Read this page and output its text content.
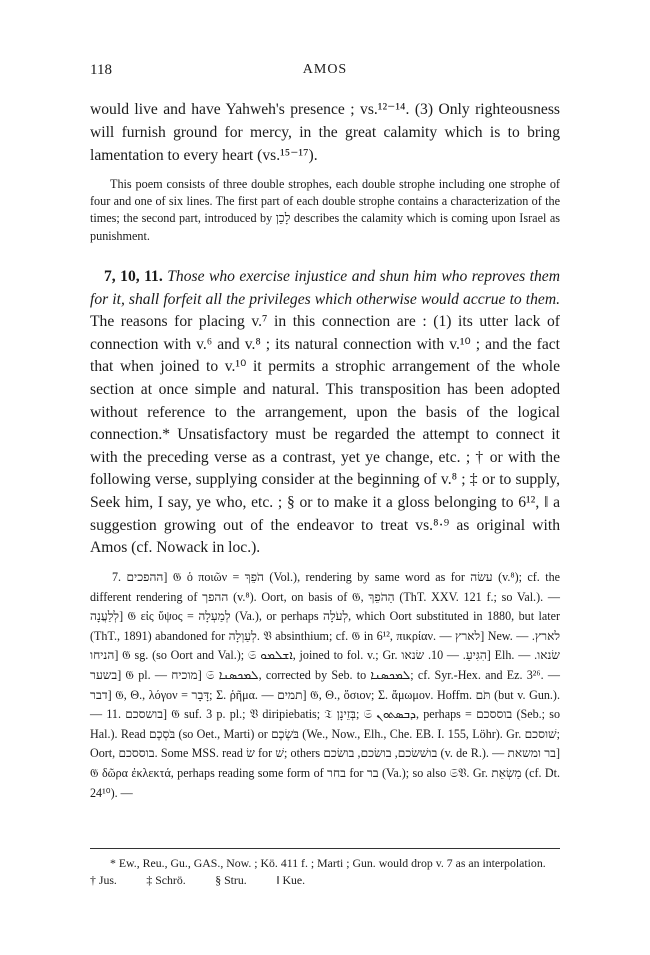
118	AMOS
would live and have Yahweh's presence ; vs.¹²⁻¹⁴. (3) Only righteousness will furnish ground for mercy, in the great calamity which is to bring lamentation to every heart (vs.¹⁵⁻¹⁷).
This poem consists of three double strophes, each double strophe including one strophe of four and one of six lines. The first part of each double strophe contains a characterization of the times; the second part, introduced by לָכֵן describes the calamity which is coming upon Israel as punishment.
7, 10, 11. Those who exercise injustice and shun him who reproves them for it, shall forfeit all the privileges which otherwise would accrue to them. The reasons for placing v.⁷ in this connection are : (1) its utter lack of connection with v.⁶ and v.⁸ ; its natural connection with v.¹⁰ ; and the fact that when joined to v.¹⁰ it permits a strophic arrangement of the whole section at once simple and natural. This transposition has been adopted without reference to the arrangement, upon the basis of the logical connection.* Unsatisfactory must be regarded the attempt to connect it with the preceding verse as a contrast, yet ye change, etc. ; † or with the following verse, supplying consider at the beginning of v.⁸ ; ‡ or to supply, Seek him, I say, ye who, etc. ; § or to make it a gloss belonging to 6¹², ‖ a suggestion growing out of the endeavor to treat vs.⁸·⁹ as original with Amos (cf. Nowack in loc.).
7. ההפכים] 𝔊 ὁ ποιῶν = הֹפֵךְ (Vol.), rendering by same word as for עשׂה (v.⁸); cf. the different rendering of ההפך (v.⁸). Oort, on basis of 𝔊, הַהֹפֵךְ (ThT. XXV. 121 f.; so Val.). — לְלַעֲנָה] 𝔊 εἰς ὕψος = לְמַעְלָה (Va.), or perhaps לְעֹלָה, which Oort substituted in 1880, but later (ThT., 1891) abandoned for לְעַוְלָה. 𝔙 absinthium; cf. 𝔊 in 6¹², πικρίαν. — לארץ] New. לארץ. — הניחו] 𝔊 sg. (so Oort and Val.); 𝔖 ܐܫܠܡܘ, joined to fol. v.; Gr. הִגִּיעַ. — 10. שׂנאו] Elh. שׂנאו. — בשער] 𝔊 pl. — מוכיח] 𝔖 ܠܡܟܣܢܐ, corrected by Seb. to ܠܡܟܣܢܐ; cf. Syr.-Hex. and Ez. 3²⁶. — דבר] 𝔊, Θ., λόγον = דָּבָר; Σ. ῥῆμα. — תמים] 𝔊, Θ., ὅσιον; Σ. ἄμωμον. Hoffm. תֹּם (but v. Gun.). — 11. בושסכם] 𝔊 suf. 3 p. pl.; 𝔙 diripiebatis; 𝔗 בְּזֵינָן; 𝔖 ܕܒܣܬܘܢ, perhaps = בוססכם (Seb.; so Hal.). Read בֹּסְכֶם (so Oet., Marti) or בֹּשְׂכֶם (We., Now., Elh., Che. EB. I. 155, Löhr). Gr. שׁוסכם; Oort, בוססכם. Some MSS. read שׂ for שׁ; others בושׁשׂכם, בושׂכם, בושׂכם (v. de R.). — בר ומשאת] 𝔊 δῶρα ἐκλεκτά, perhaps reading some form of בחר for בר (Va.); so also 𝔖𝔙. Gr. מַשְׂאֵת (cf. Dt. 24¹⁰). —
* Ew., Reu., Gu., GAS., Now. ; Kö. 411 f. ; Marti ; Gun. would drop v. 7 as an interpolation.
† Jus.	‡ Schrö.	§ Stru.	‖ Kue.
